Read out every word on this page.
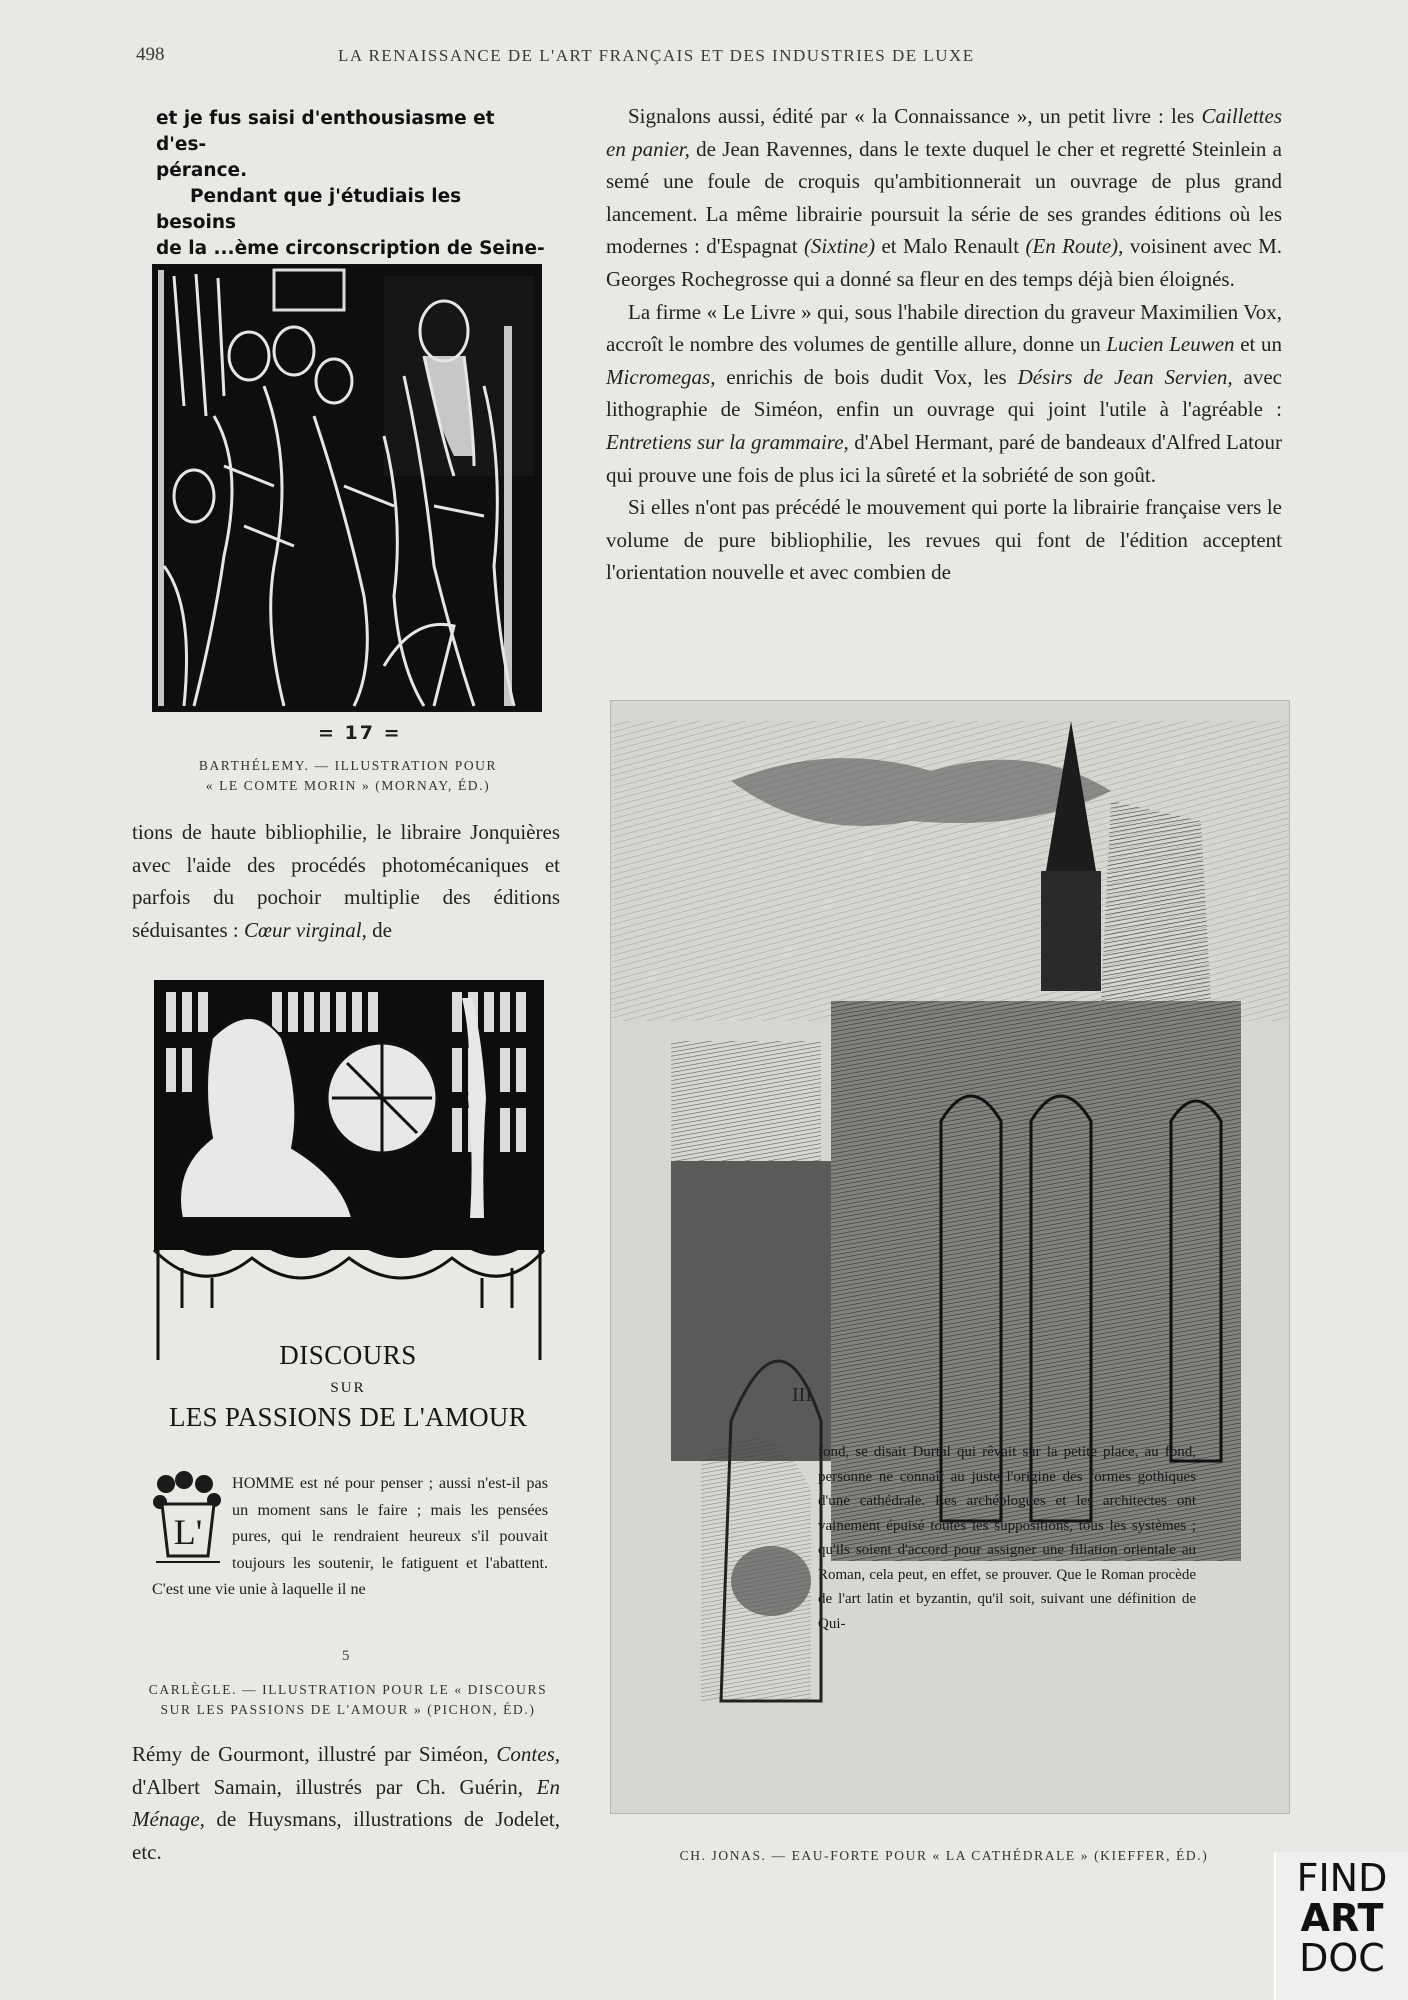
498	LA RENAISSANCE DE L'ART FRANÇAIS ET DES INDUSTRIES DE LUXE

et je fus saisi d'enthousiasme et d'es-

pérance.

Pendant que j'étudiais les besoins

de la ...ème circonscription de Seine-

= 17 =
BARTHÉLEMY. — ILLUSTRATION POUR
« LE COMTE MORIN » (MORNAY, ÉD.)

tions de haute bibliophilie, le libraire Jonquières avec l'aide des procédés photomécaniques et parfois du pochoir multiplie des éditions séduisantes : Cœur virginal, de

DISCOURS
SUR
LES PASSIONS DE L'AMOUR
L'
HOMME est né pour penser ; aussi n'est-il pas un moment sans le faire ; mais les pensées pures, qui le rendraient heureux s'il pouvait toujours les soutenir, le fatiguent et l'abattent. C'est une vie unie à laquelle il ne
5
CARLÈGLE. — ILLUSTRATION POUR LE « DISCOURS
SUR LES PASSIONS DE L'AMOUR » (PICHON, ÉD.)

Rémy de Gourmont, illustré par Siméon, Contes, d'Albert Samain, illustrés par Ch. Guérin, En Ménage, de Huysmans, illustrations de Jodelet, etc.

Signalons aussi, édité par « la Connaissance », un petit livre : les Caillettes en panier, de Jean Ravennes, dans le texte duquel le cher et regretté Steinlein a semé une foule de croquis qu'ambitionnerait un ouvrage de plus grand lancement. La même librairie poursuit la série de ses grandes éditions où les modernes : d'Espagnat (Sixtine) et Malo Renault (En Route), voisinent avec M. Georges Rochegrosse qui a donné sa fleur en des temps déjà bien éloignés.

La firme « Le Livre » qui, sous l'habile direction du graveur Maximilien Vox, accroît le nombre des volumes de gentille allure, donne un Lucien Leuwen et un Micromegas, enrichis de bois dudit Vox, les Désirs de Jean Servien, avec lithographie de Siméon, enfin un ouvrage qui joint l'utile à l'agréable : Entretiens sur la grammaire, d'Abel Hermant, paré de bandeaux d'Alfred Latour qui prouve une fois de plus ici la sûreté et la sobriété de son goût.

Si elles n'ont pas précédé le mouvement qui porte la librairie française vers le volume de pure bibliophilie, les revues qui font de l'édition acceptent l'orientation nouvelle et avec combien de

III
fond, se disait Durtal qui rêvait sur la petite place, au fond, personne ne connaît au juste l'origine des formes gothiques d'une cathédrale. Les archéologues et les architectes ont vainement épuisé toutes les suppositions, tous les systèmes ; qu'ils soient d'accord pour assigner une filiation orientale au Roman, cela peut, en effet, se prouver. Que le Roman procède de l'art latin et byzantin, qu'il soit, suivant une définition de Qui-
CH. JONAS. — EAU-FORTE POUR « LA CATHÉDRALE » (KIEFFER, ÉD.)
FIND
ART
DOC
